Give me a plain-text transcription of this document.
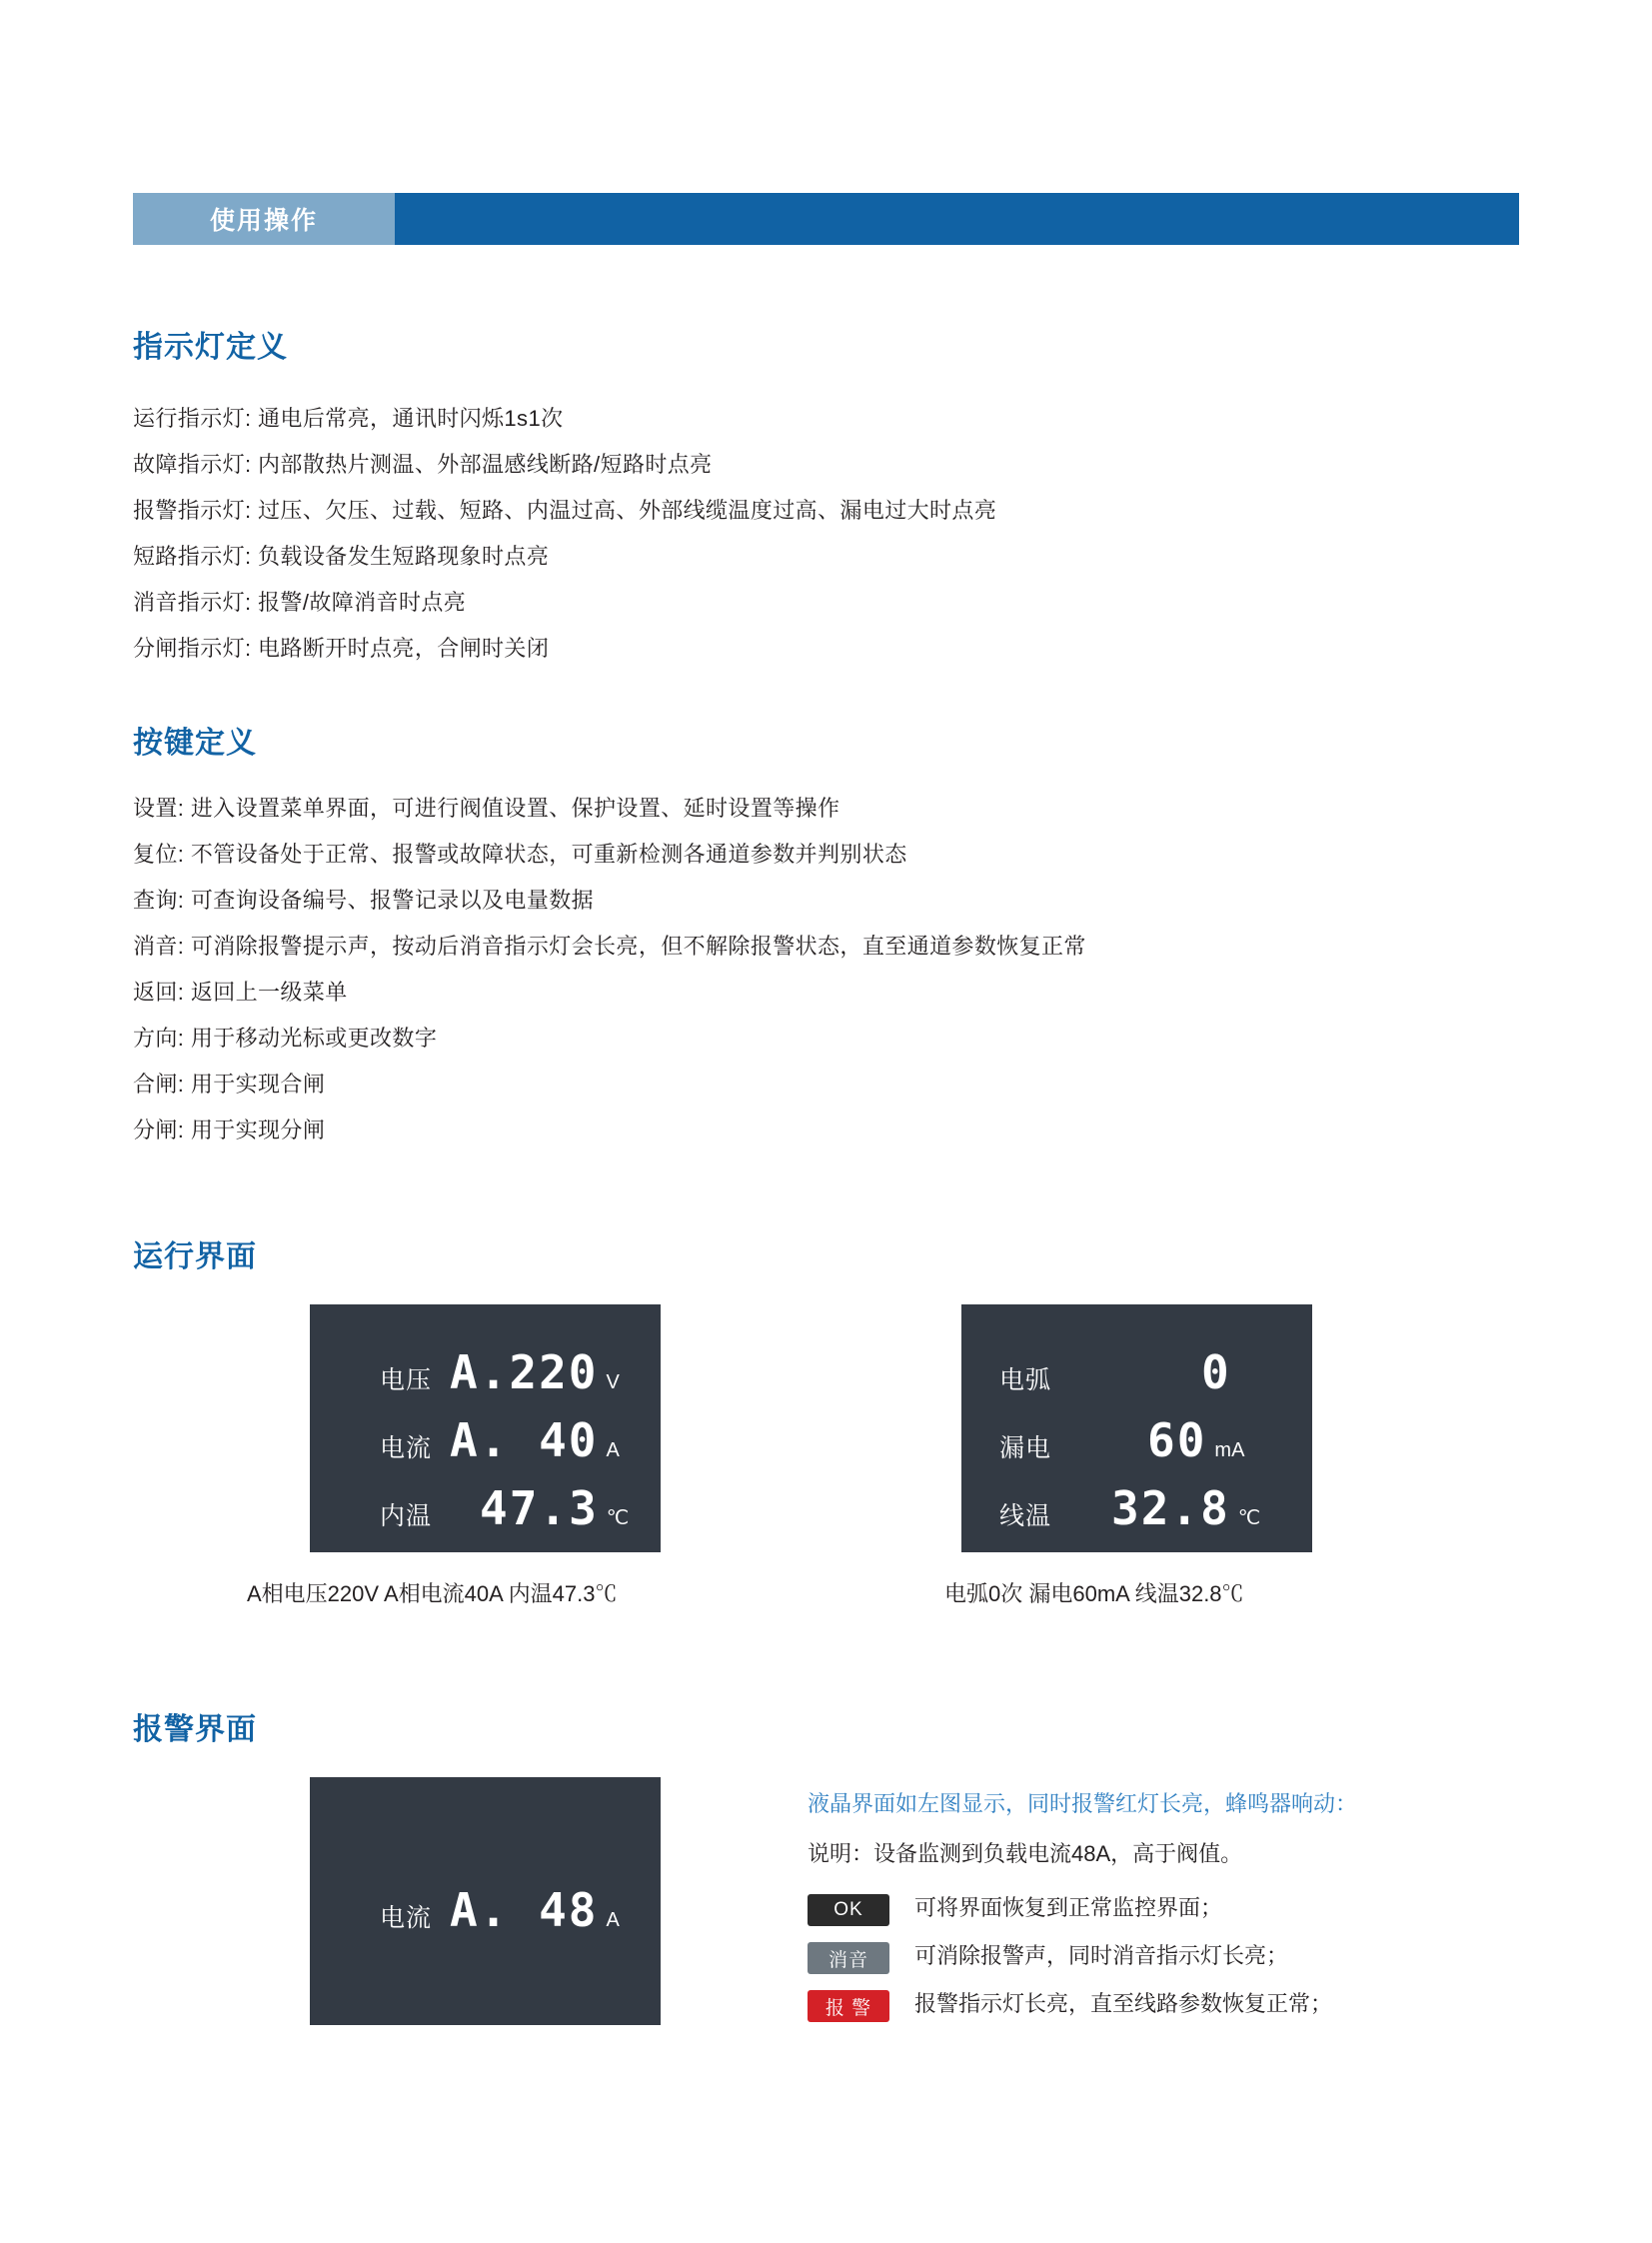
使用操作
指示灯定义
运行指示灯: 通电后常亮，通讯时闪烁1s1次
故障指示灯: 内部散热片测温、外部温感线断路/短路时点亮
报警指示灯: 过压、欠压、过载、短路、内温过高、外部线缆温度过高、漏电过大时点亮
短路指示灯: 负载设备发生短路现象时点亮
消音指示灯: 报警/故障消音时点亮
分闸指示灯: 电路断开时点亮，合闸时关闭
按键定义
设置: 进入设置菜单界面，可进行阀值设置、保护设置、延时设置等操作
复位: 不管设备处于正常、报警或故障状态，可重新检测各通道参数并判别状态
查询: 可查询设备编号、报警记录以及电量数据
消音: 可消除报警提示声，按动后消音指示灯会长亮，但不解除报警状态，直至通道参数恢复正常
返回: 返回上一级菜单
方向: 用于移动光标或更改数字
合闸: 用于实现合闸
分闸: 用于实现分闸
运行界面
电压 A.220 V
电流 A. 40 A
内温 47.3 ℃
A相电压220V A相电流40A 内温47.3℃
电弧	0
漏电 60 mA
线温 32.8 ℃
电弧0次 漏电60mA 线温32.8℃
报警界面
电流 A. 48 A
液晶界面如左图显示，同时报警红灯长亮，蜂鸣器响动：
说明：设备监测到负载电流48A，高于阀值。
OK 可将界面恢复到正常监控界面；
消音 可消除报警声，同时消音指示灯长亮；
报 警 报警指示灯长亮，直至线路参数恢复正常；
